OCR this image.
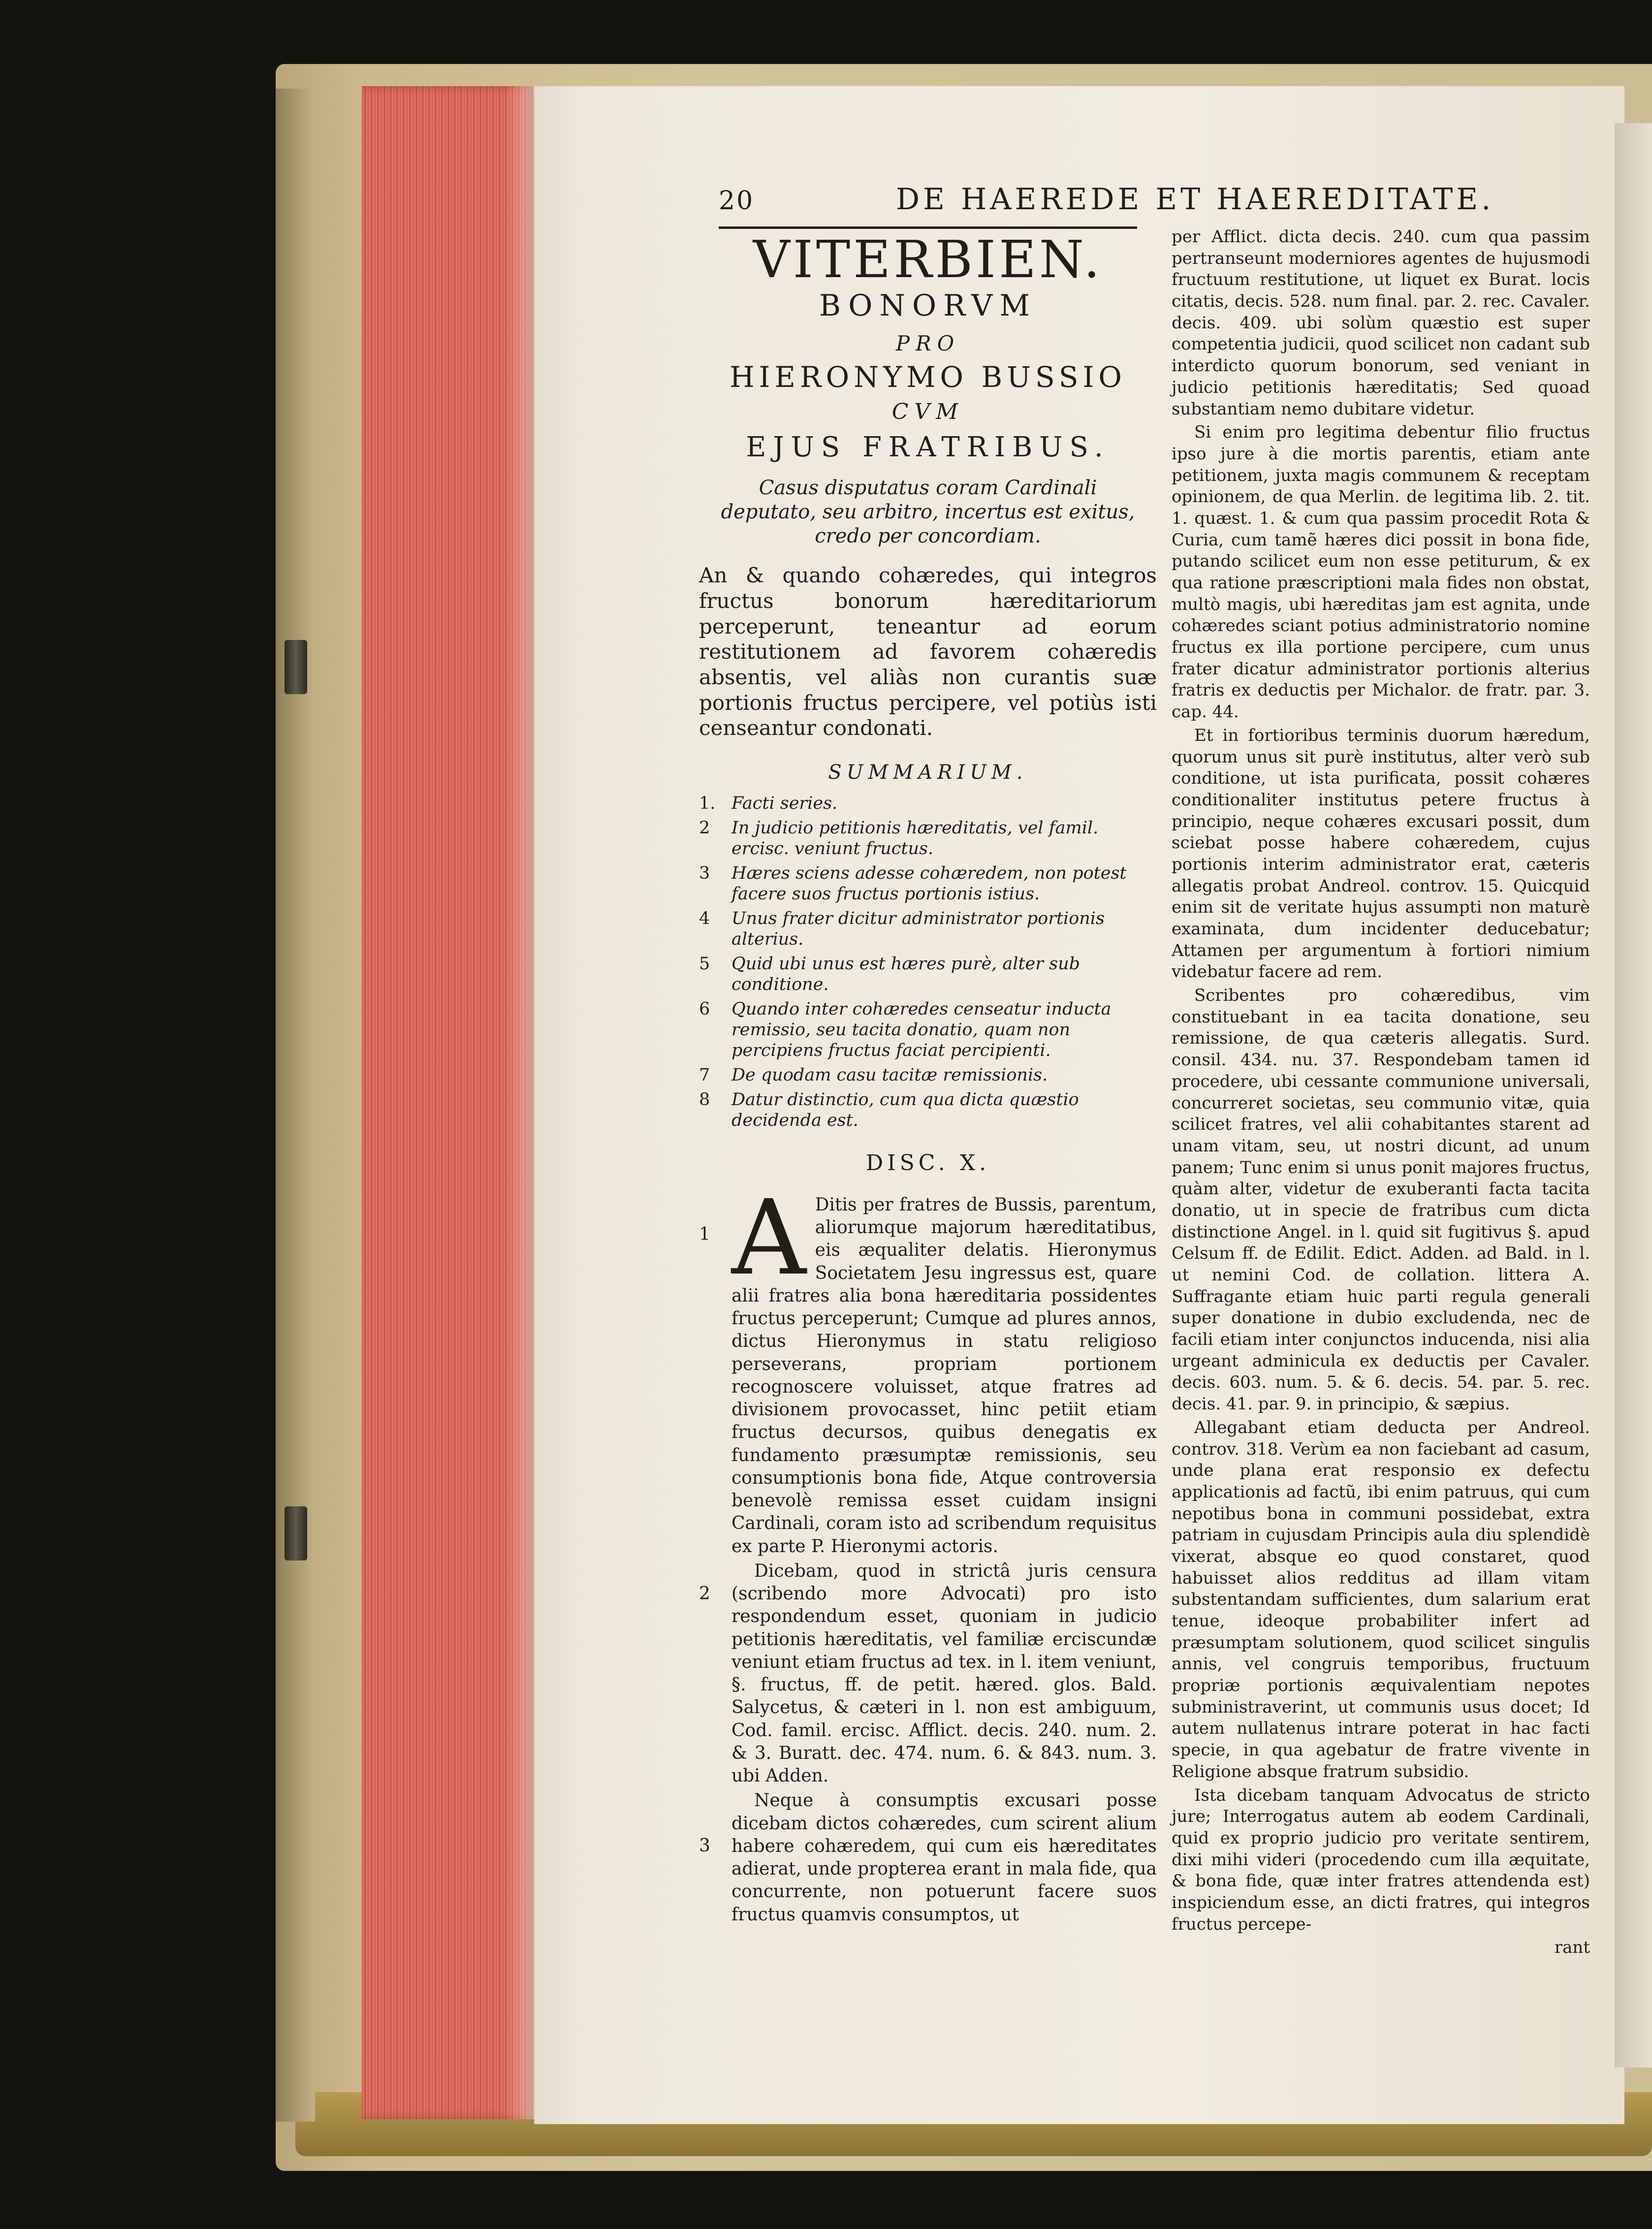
20	DE HAEREDE ET HAEREDITATE.
VITERBIEN.
BONORVM
PRO
HIERONYMO BUSSIO
CVM
EJUS FRATRIBUS.
Casus disputatus coram Cardinali deputato, seu arbitro, incertus est exitus, credo per concordiam.
An & quando cohæredes, qui integros fructus bonorum hæreditariorum perceperunt, teneantur ad eorum restitutionem ad favorem cohæredis absentis, vel aliàs non curantis suæ portionis fructus percipere, vel potiùs isti censeantur condonati.
SUMMARIUM.
1. Facti series.
2	In judicio petitionis hæreditatis, vel famil. ercisc. veniunt fructus.
3	Hæres sciens adesse cohæredem, non potest facere suos fructus portionis istius.
4	Unus frater dicitur administrator portionis alterius.
5	Quid ubi unus est hæres purè, alter sub conditione.
6	Quando inter cohæredes censeatur inducta remissio, seu tacita donatio, quam non percipiens fructus faciat percipienti.
7	De quodam casu tacitæ remissionis.
8	Datur distinctio, cum qua dicta quæstio decidenda est.
DISC. X.
1 A Ditis per fratres de Bussis, parentum, aliorumque majorum hæreditatibus, eis æqualiter delatis. Hieronymus Societatem Jesu ingressus est, quare alii fratres alia bona hæreditaria possidentes fructus perceperunt; Cumque ad plures annos, dictus Hieronymus in statu religioso perseverans, propriam portionem recognoscere voluisset, atque fratres ad divisionem provocasset, hinc petiit etiam fructus decursos, quibus denegatis ex fundamento præsumptæ remissionis, seu consumptionis bona fide, Atque controversia benevolè remissa esset cuidam insigni Cardinali, coram isto ad scribendum requisitus ex parte P. Hieronymi actoris.
2
Dicebam, quod in strictâ juris censura (scribendo more Advocati) pro isto respondendum esset, quoniam in judicio petitionis hæreditatis, vel familiæ erciscundæ veniunt etiam fructus ad tex. in l. item veniunt, §. fructus, ff. de petit. hæred. glos. Bald. Salycetus, & cæteri in l. non est ambiguum, Cod. famil. ercisc. Afflict. decis. 240. num. 2. & 3. Buratt. dec. 474. num. 6. & 843. num. 3. ubi Adden.
3
Neque à consumptis excusari posse dicebam dictos cohæredes, cum scirent alium habere cohæredem, qui cum eis hæreditates adierat, unde propterea erant in mala fide, qua concurrente, non potuerunt facere suos fructus quamvis consumptos, ut
per Afflict. dicta decis. 240. cum qua passim pertranseunt moderniores agentes de hujusmodi fructuum restitutione, ut liquet ex Burat. locis citatis, decis. 528. num final. par. 2. rec. Cavaler. decis. 409. ubi solùm quæstio est super competentia judicii, quod scilicet non cadant sub interdicto quorum bonorum, sed veniant in judicio petitionis hæreditatis; Sed quoad substantiam nemo dubitare videtur.
Si enim pro legitima debentur filio fructus ipso jure à die mortis parentis, etiam ante petitionem, juxta magis communem & receptam opinionem, de qua Merlin. de legitima lib. 2. tit. 1. quæst. 1. & cum qua passim procedit Rota & Curia, cum tamẽ hæres dici possit in bona fide, putando scilicet eum non esse petiturum, & ex qua ratione præscriptioni mala fides non obstat, multò magis, ubi hæreditas jam est agnita, unde cohæredes sciant potius administratorio nomine fructus ex illa portione percipere, cum unus frater dicatur administrator portionis alterius fratris ex deductis per Michalor. de fratr. par. 3. cap. 44.
Et in fortioribus terminis duorum hæredum, quorum unus sit purè institutus, alter verò sub conditione, ut ista purificata, possit cohæres conditionaliter institutus petere fructus à principio, neque cohæres excusari possit, dum sciebat posse habere cohæredem, cujus portionis interim administrator erat, cæteris allegatis probat Andreol. controv. 15. Quicquid enim sit de veritate hujus assumpti non maturè examinata, dum incidenter deducebatur; Attamen per argumentum à fortiori nimium videbatur facere ad rem.
Scribentes pro cohæredibus, vim constituebant in ea tacita donatione, seu remissione, de qua cæteris allegatis. Surd. consil. 434. nu. 37. Respondebam tamen id procedere, ubi cessante communione universali, concurreret societas, seu communio vitæ, quia scilicet fratres, vel alii cohabitantes starent ad unam vitam, seu, ut nostri dicunt, ad unum panem; Tunc enim si unus ponit majores fructus, quàm alter, videtur de exuberanti facta tacita donatio, ut in specie de fratribus cum dicta distinctione Angel. in l. quid sit fugitivus §. apud Celsum ff. de Edilit. Edict. Adden. ad Bald. in l. ut nemini Cod. de collation. littera A. Suffragante etiam huic parti regula generali super donatione in dubio excludenda, nec de facili etiam inter conjunctos inducenda, nisi alia urgeant adminicula ex deductis per Cavaler. decis. 603. num. 5. & 6. decis. 54. par. 5. rec. decis. 41. par. 9. in principio, & sæpius.
Allegabant etiam deducta per Andreol. controv. 318. Verùm ea non faciebant ad casum, unde plana erat responsio ex defectu applicationis ad factũ, ibi enim patruus, qui cum nepotibus bona in communi possidebat, extra patriam in cujusdam Principis aula diu splendidè vixerat, absque eo quod constaret, quod habuisset alios redditus ad illam vitam substentandam sufficientes, dum salarium erat tenue, ideoque probabiliter infert ad præsumptam solutionem, quod scilicet singulis annis, vel congruis temporibus, fructuum propriæ portionis æquivalentiam nepotes subministraverint, ut communis usus docet; Id autem nullatenus intrare poterat in hac facti specie, in qua agebatur de fratre vivente in Religione absque fratrum subsidio.
Ista dicebam tanquam Advocatus de stricto jure; Interrogatus autem ab eodem Cardinali, quid ex proprio judicio pro veritate sentirem, dixi mihi videri (procedendo cum illa æquitate, & bona fide, quæ inter fratres attendenda est) inspiciendum esse, an dicti fratres, qui integros fructus percepe-
rant
